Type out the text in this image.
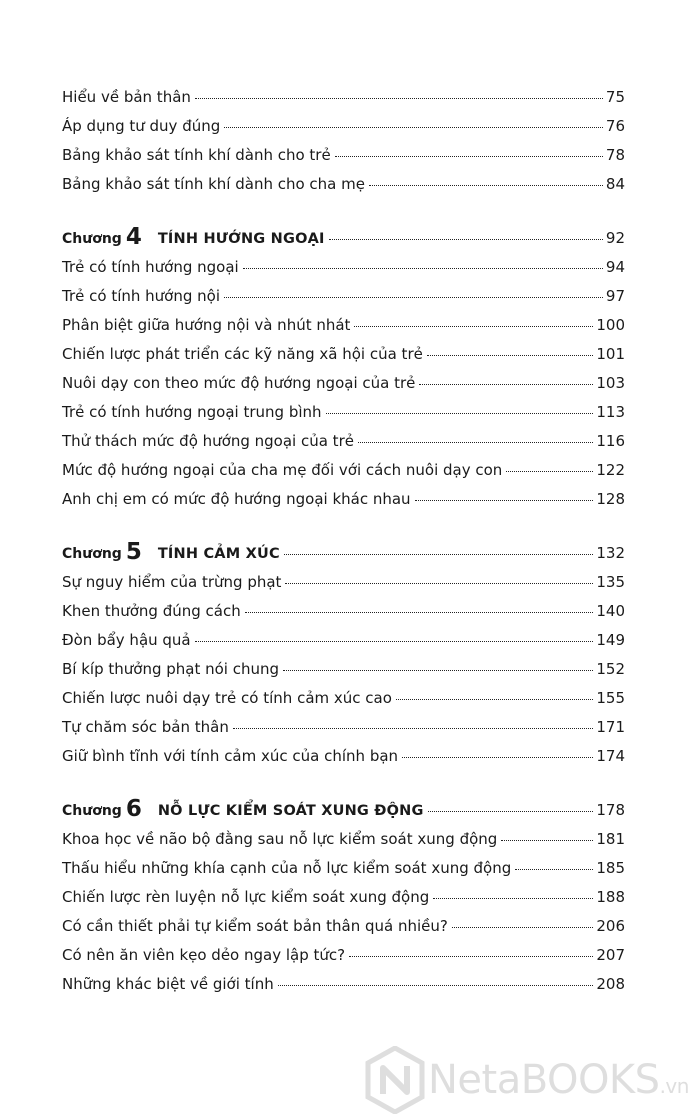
Hiểu về bản thân	75
Áp dụng tư duy đúng	76
Bảng khảo sát tính khí dành cho trẻ	78
Bảng khảo sát tính khí dành cho cha mẹ	84
Chương 4 TÍNH HƯỚNG NGOẠI	92
Trẻ có tính hướng ngoại	94
Trẻ có tính hướng nội	97
Phân biệt giữa hướng nội và nhút nhát	100
Chiến lược phát triển các kỹ năng xã hội của trẻ	101
Nuôi dạy con theo mức độ hướng ngoại của trẻ	103
Trẻ có tính hướng ngoại trung bình	113
Thử thách mức độ hướng ngoại của trẻ	116
Mức độ hướng ngoại của cha mẹ đối với cách nuôi dạy con	122
Anh chị em có mức độ hướng ngoại khác nhau	128
Chương 5 TÍNH CẢM XÚC	132
Sự nguy hiểm của trừng phạt	135
Khen thưởng đúng cách	140
Đòn bẩy hậu quả	149
Bí kíp thưởng phạt nói chung	152
Chiến lược nuôi dạy trẻ có tính cảm xúc cao	155
Tự chăm sóc bản thân	171
Giữ bình tĩnh với tính cảm xúc của chính bạn	174
Chương 6 NỖ LỰC KIỂM SOÁT XUNG ĐỘNG	178
Khoa học về não bộ đằng sau nỗ lực kiểm soát xung động	181
Thấu hiểu những khía cạnh của nỗ lực kiểm soát xung động	185
Chiến lược rèn luyện nỗ lực kiểm soát xung động	188
Có cần thiết phải tự kiểm soát bản thân quá nhiều?	206
Có nên ăn viên kẹo dẻo ngay lập tức?	207
Những khác biệt về giới tính	208
NetaBOOKS.vn
